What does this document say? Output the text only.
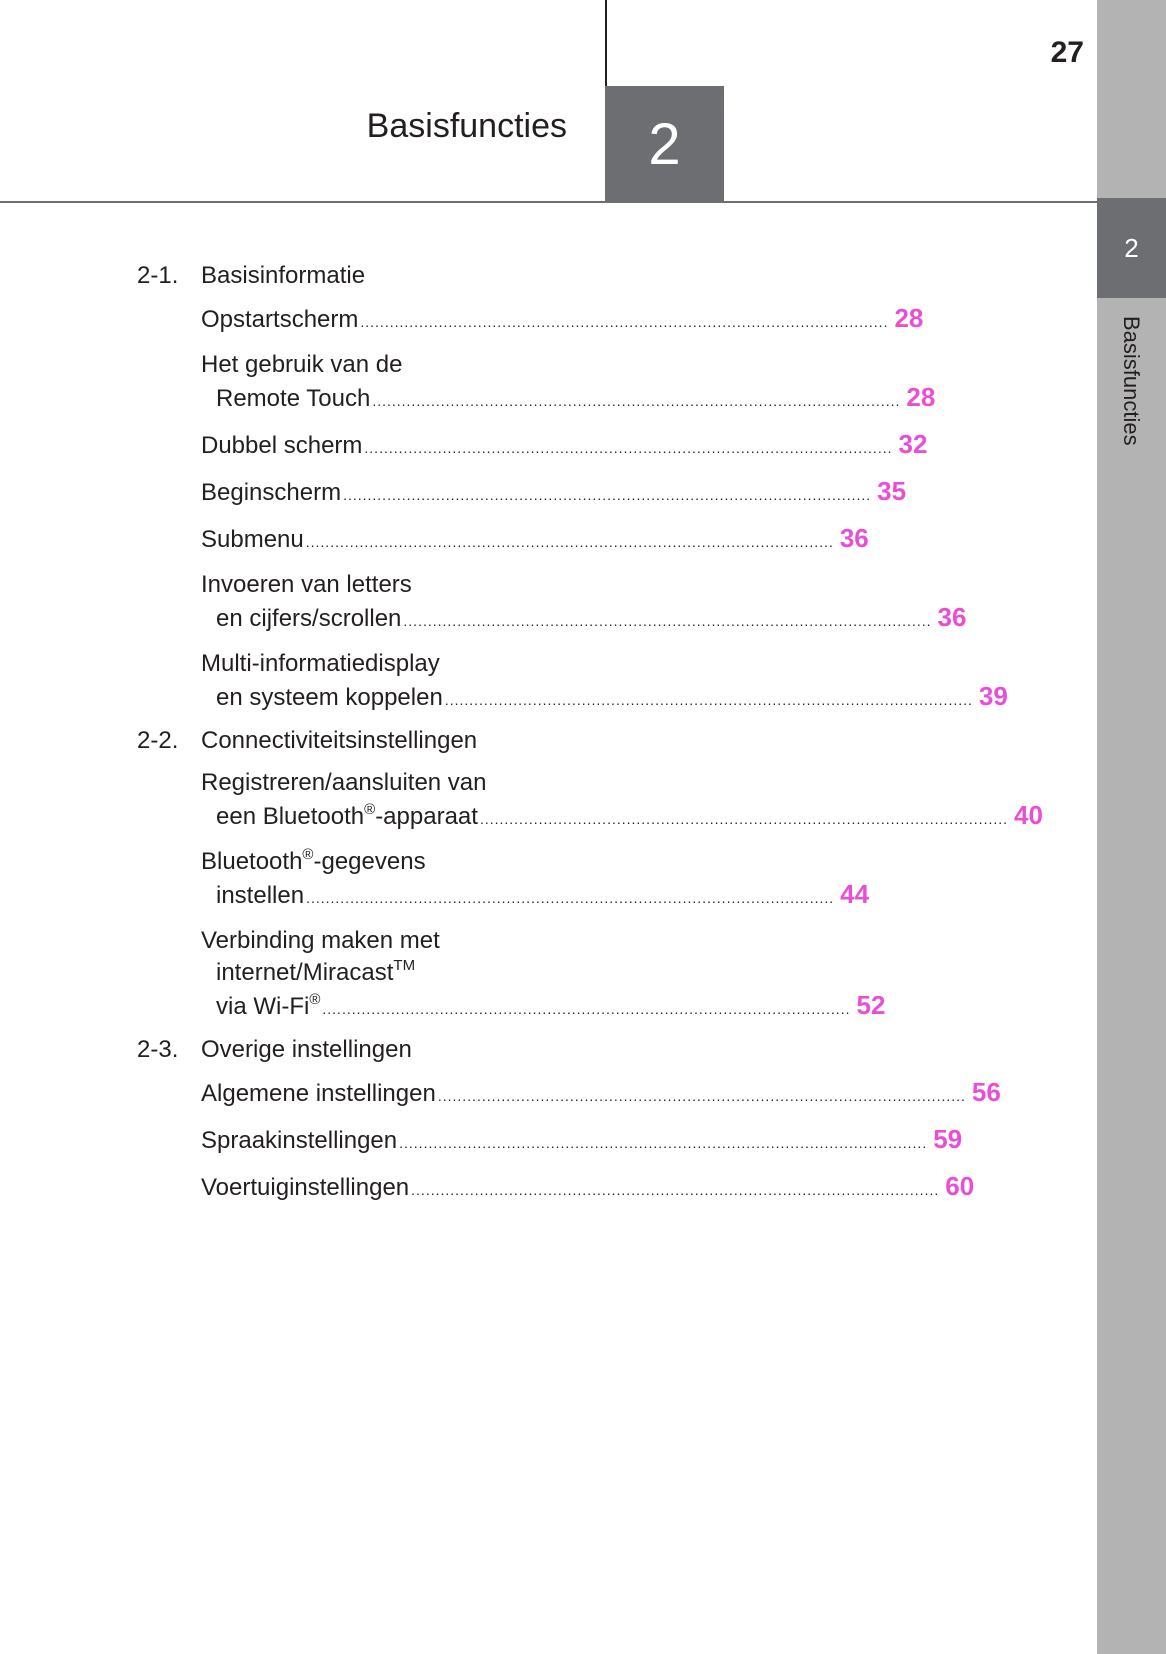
2
Basisfuncties
2
Basisfuncties
27
2-1. Basisinformatie
Opstartscherm ............................................................................................................ 28
Het gebruik van de
Remote Touch ............................................................................................................ 28
Dubbel scherm ............................................................................................................ 32
Beginscherm ............................................................................................................ 35
Submenu ............................................................................................................ 36
Invoeren van letters
en cijfers/scrollen ............................................................................................................ 36
Multi-informatiedisplay
en systeem koppelen ............................................................................................................ 39
2-2. Connectiviteitsinstellingen
Registreren/aansluiten van
een Bluetooth®-apparaat ............................................................................................................ 40
Bluetooth®-gegevens
instellen ............................................................................................................ 44
Verbinding maken met
internet/Miracast™
via Wi-Fi®
............................................................................................................ 52
2-3. Overige instellingen
Algemene instellingen ............................................................................................................ 56
Spraakinstellingen ............................................................................................................ 59
Voertuiginstellingen ............................................................................................................ 60
